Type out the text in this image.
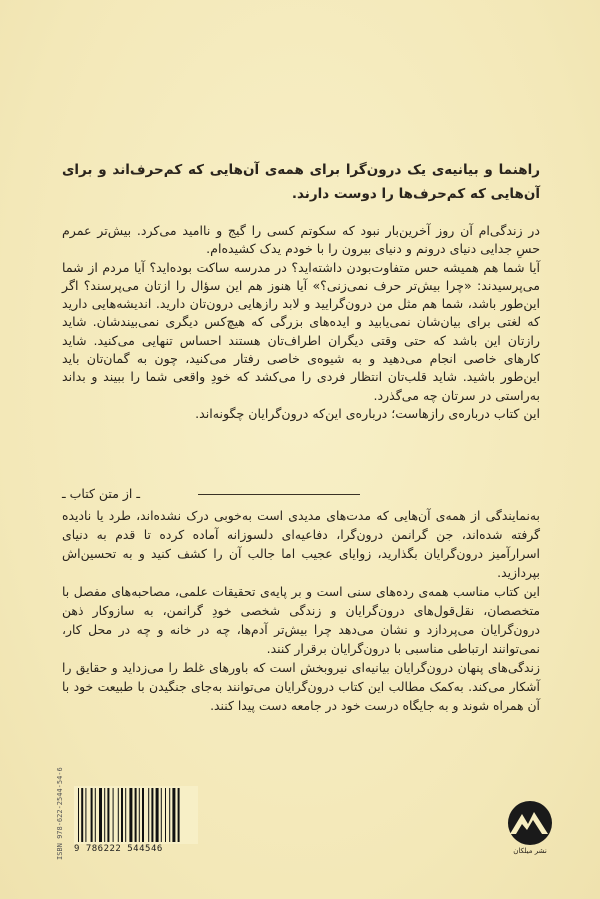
راهنما و بیانیه‌ی یک درون‌گرا برای همه‌ی آن‌هایی که کم‌حرف‌اند و برای آن‌هایی که کم‌حرف‌ها را دوست دارند.

در زندگی‌ام آن روز آخرین‌بار نبود که سکوتم کسی را گیج و ناامید می‌کرد. بیش‌تر عمرم حسِ جدایی دنیای درونم و دنیای بیرون را با خودم یدک کشیده‌ام.

آیا شما هم همیشه حس متفاوت‌بودن داشته‌اید؟ در مدرسه ساکت بوده‌اید؟ آیا مردم از شما می‌پرسیدند: «چرا بیش‌تر حرف نمی‌زنی؟» آیا هنوز هم این سؤال را ازتان می‌پرسند؟ اگر این‌طور باشد، شما هم مثل من درون‌گرایید و لابد رازهایی درون‌تان دارید. اندیشه‌هایی دارید که لغتی برای بیان‌شان نمی‌یابید و ایده‌های بزرگی که هیچ‌کس دیگری نمی‌بیندشان. شاید رازتان این باشد که حتی وقتی دیگران اطراف‌تان هستند احساس تنهایی می‌کنید. شاید کارهای خاصی انجام می‌دهید و به شیوه‌ی خاصی رفتار می‌کنید، چون به گمان‌تان باید این‌طور باشید. شاید قلب‌تان انتظار فردی را می‌کشد که خودِ واقعی شما را ببیند و بداند به‌راستی در سرتان چه می‌گذرد.

این کتاب درباره‌ی رازهاست؛ درباره‌ی این‌که درون‌گرایان چگونه‌اند.

ـ از متن کتاب ـ

به‌نمایندگی از همه‌ی آن‌هایی که مدت‌های مدیدی است به‌خوبی درک نشده‌اند، طرد یا نادیده گرفته شده‌اند، جن گرانمن درون‌گرا، دفاعیه‌ای دلسوزانه آماده کرده تا قدم به دنیای اسرارآمیز درون‌گرایان بگذارید، زوایای عجیب اما جالب آن را کشف کنید و به تحسین‌اش بپردازید.

این کتاب مناسب همه‌ی رده‌های سنی است و بر پایه‌ی تحقیقات علمی، مصاحبه‌های مفصل با متخصصان، نقل‌قول‌های درون‌گرایان و زندگی شخصی خودِ گرانمن، به سازوکار ذهن درون‌گرایان می‌پردازد و نشان می‌دهد چرا بیش‌تر آدم‌ها، چه در خانه و چه در محل کار، نمی‌توانند ارتباطی مناسبی با درون‌گرایان برقرار کنند.

زندگی‌های پنهان درون‌گرایان بیانیه‌ای نیروبخش است که باورهای غلط را می‌زداید و حقایق را آشکار می‌کند. به‌کمک مطالب این کتاب درون‌گرایان می‌توانند به‌جای جنگیدن با طبیعت خود با آن همراه شوند و به جایگاه درست خود در جامعه دست پیدا کنند.

ISBN 978-622-2544-54-6	9 786222 544546	نشر میلکان
